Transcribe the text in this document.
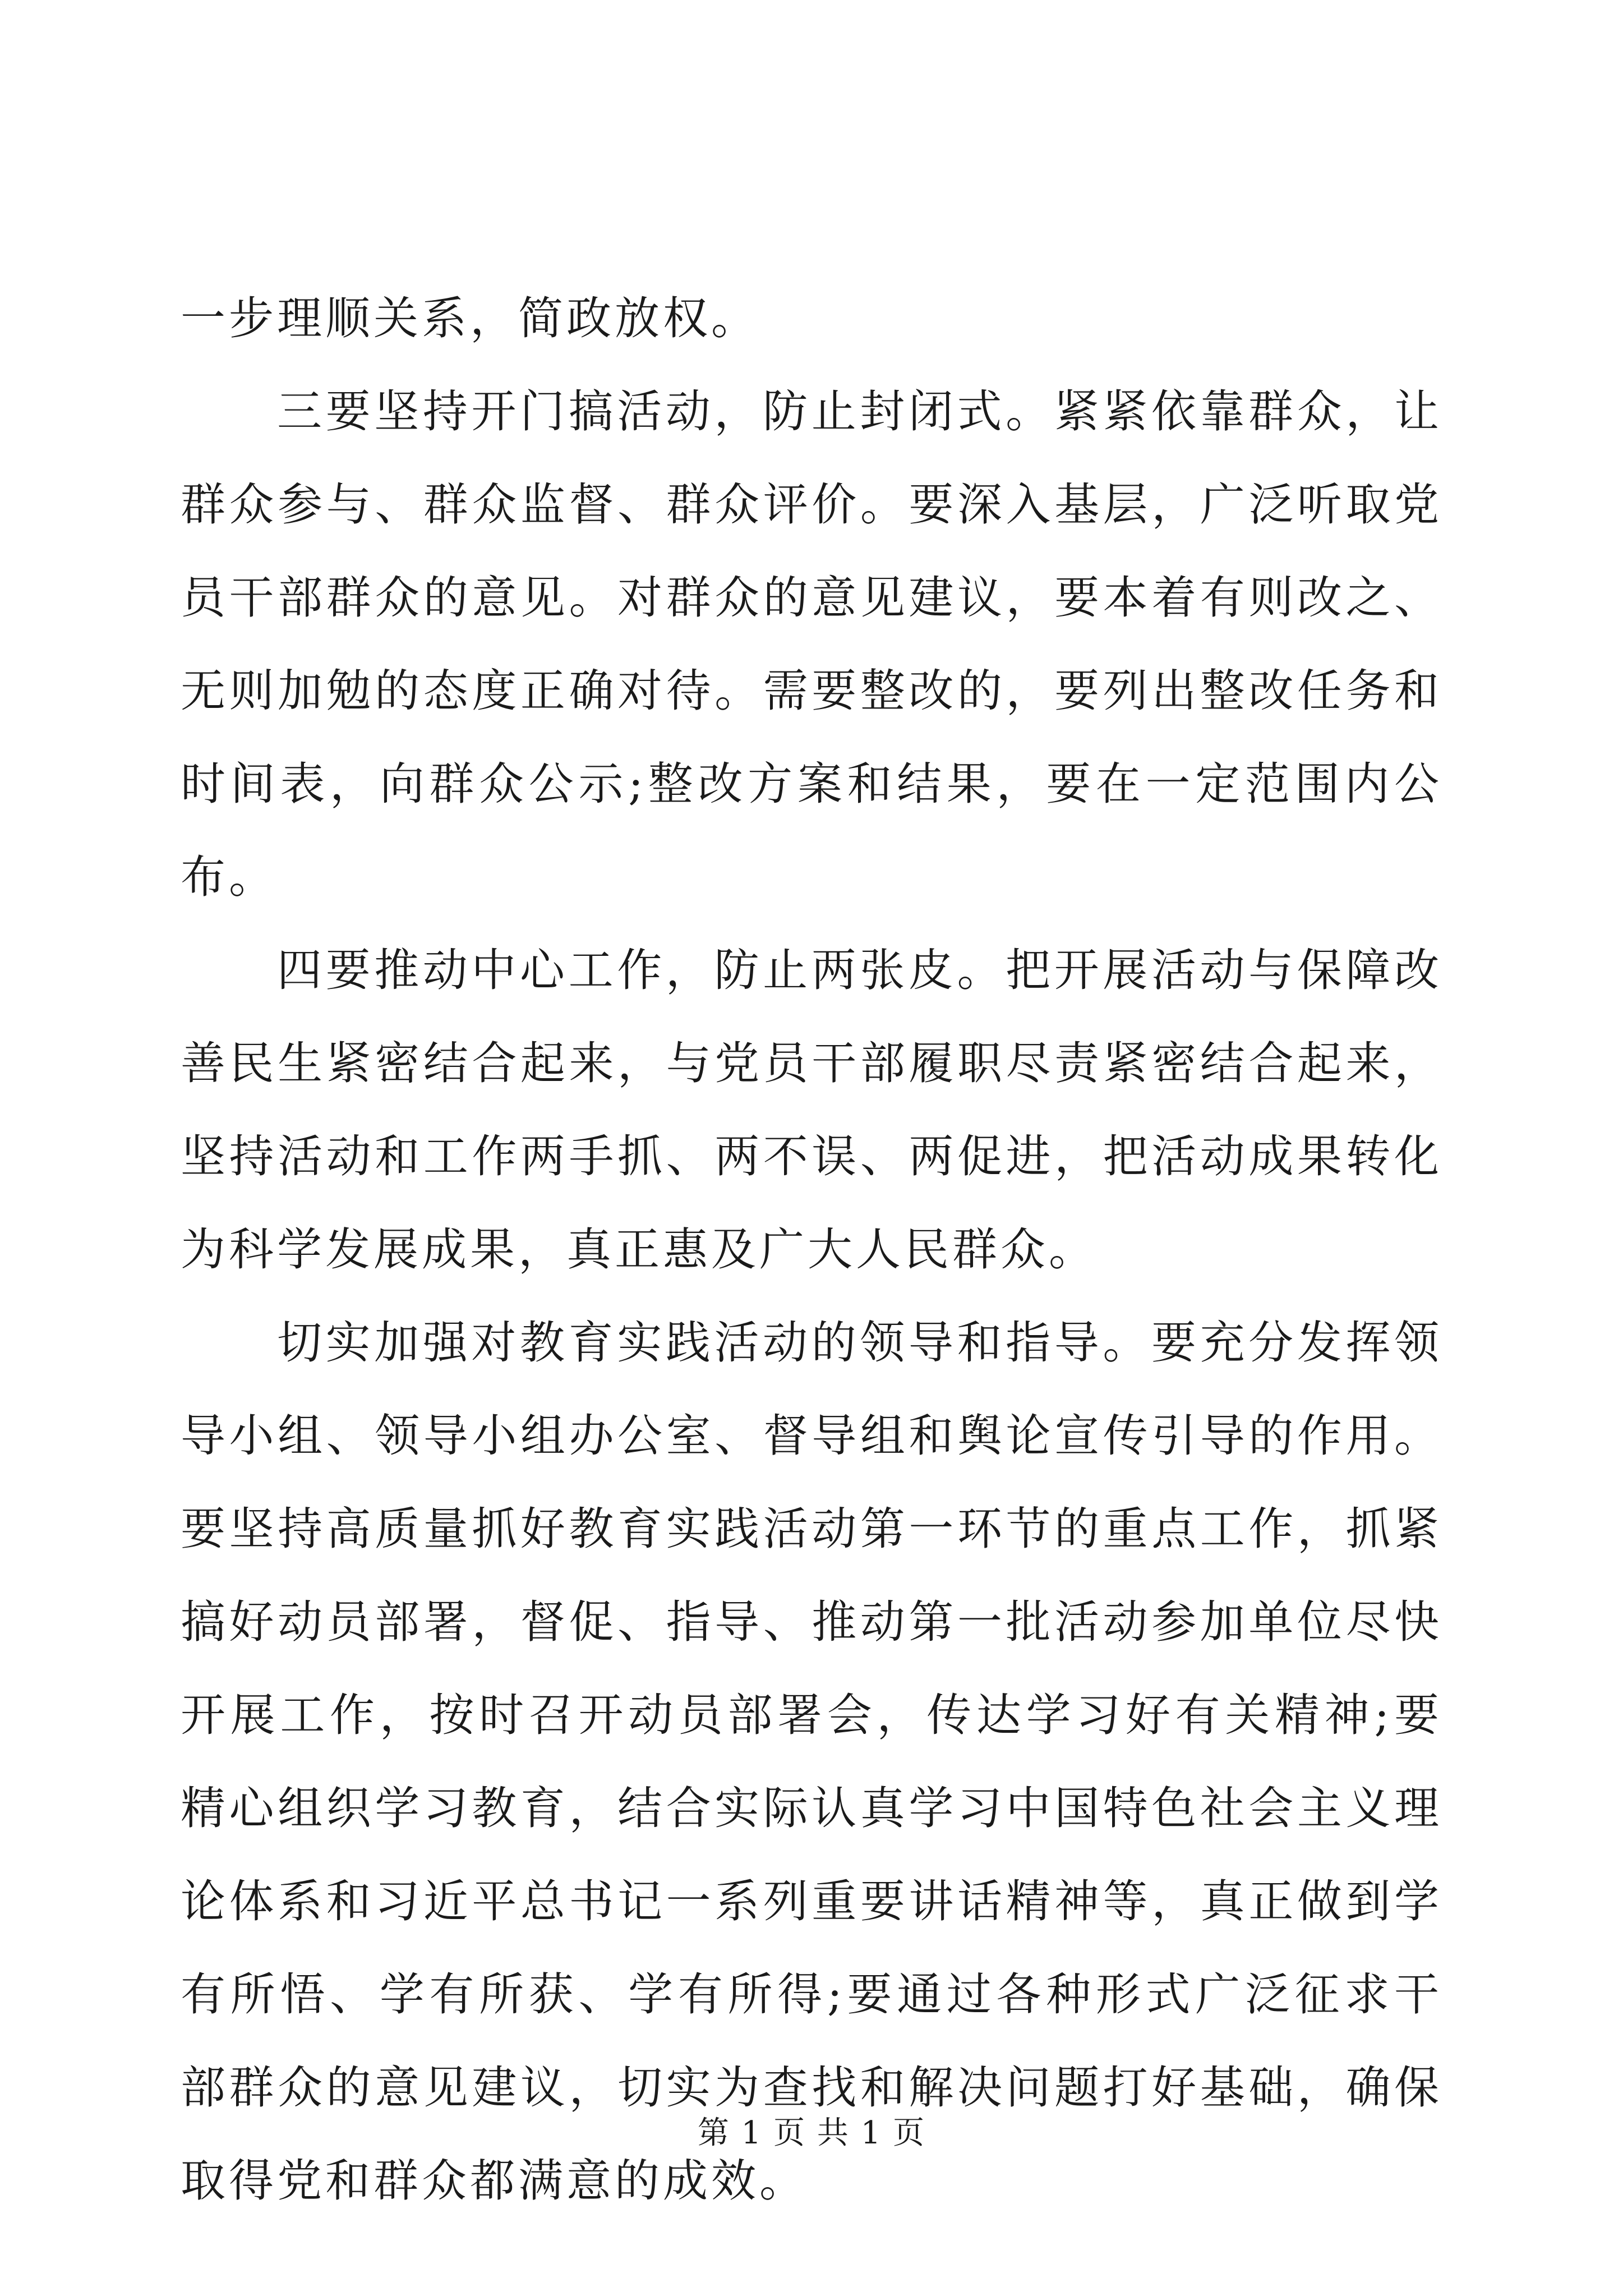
一步理顺关系，简政放权。

三要坚持开门搞活动，防止封闭式。紧紧依靠群众，让群众参与、群众监督、群众评价。要深入基层，广泛听取党员干部群众的意见。对群众的意见建议，要本着有则改之、无则加勉的态度正确对待。需要整改的，要列出整改任务和时间表，向群众公示;整改方案和结果，要在一定范围内公布。

四要推动中心工作，防止两张皮。把开展活动与保障改善民生紧密结合起来，与党员干部履职尽责紧密结合起来，坚持活动和工作两手抓、两不误、两促进，把活动成果转化为科学发展成果，真正惠及广大人民群众。

切实加强对教育实践活动的领导和指导。要充分发挥领导小组、领导小组办公室、督导组和舆论宣传引导的作用。要坚持高质量抓好教育实践活动第一环节的重点工作，抓紧搞好动员部署，督促、指导、推动第一批活动参加单位尽快开展工作，按时召开动员部署会，传达学习好有关精神;要精心组织学习教育，结合实际认真学习中国特色社会主义理论体系和习近平总书记一系列重要讲话精神等，真正做到学有所悟、学有所获、学有所得;要通过各种形式广泛征求干部群众的意见建议，切实为查找和解决问题打好基础，确保取得党和群众都满意的成效。

第 1 页 共 1 页
